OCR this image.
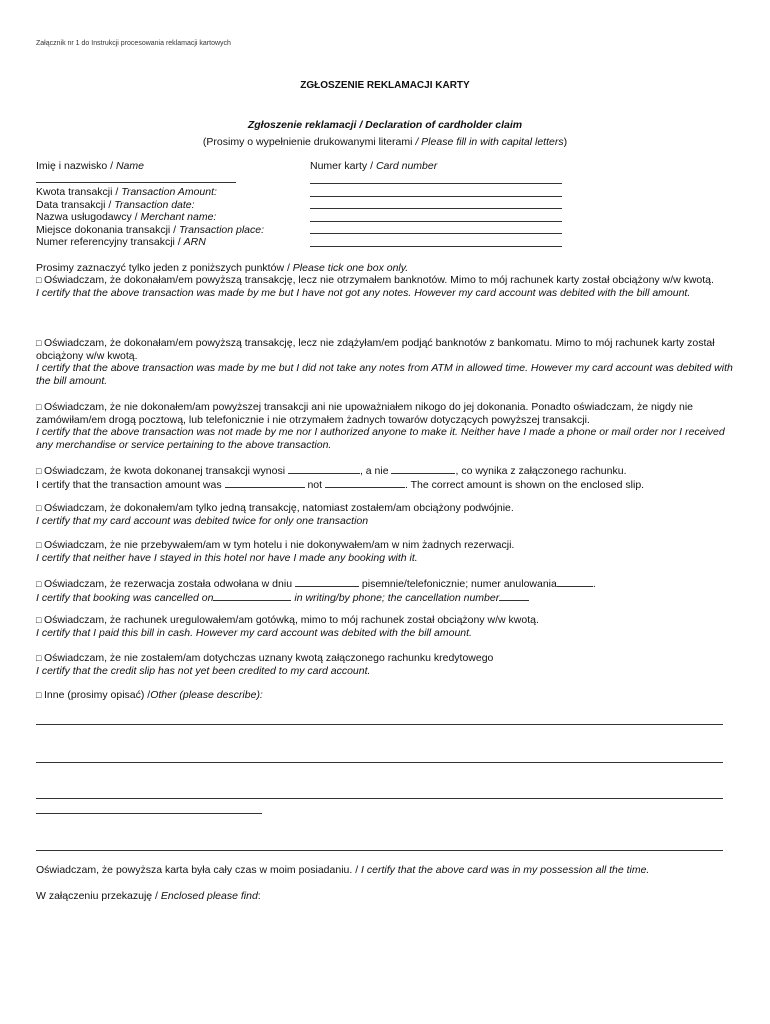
Załącznik nr 1 do Instrukcji procesowania reklamacji kartowych
ZGŁOSZENIE REKLAMACJI KARTY
Zgłoszenie reklamacji / Declaration of cardholder claim
(Prosimy o wypełnienie drukowanymi literami / Please fill in with capital letters)
Imię i nazwisko / Name
Kwota transakcji / Transaction Amount:
Data transakcji / Transaction date:
Nazwa usługodawcy / Merchant name:
Miejsce dokonania transakcji / Transaction place:
Numer referencyjny transakcji / ARN
Numer karty / Card number
Prosimy zaznaczyć tylko jeden z poniższych punktów / Please tick one box only.
□ Oświadczam, że dokonałam/em powyższą transakcję, lecz nie otrzymałem banknotów. Mimo to mój rachunek karty został obciążony w/w kwotą.
I certify that the above transaction was made by me but I have not got any notes. However my card account was debited with the bill amount.
□ Oświadczam, że dokonałam/em powyższą transakcję, lecz nie zdążyłam/em podjąć banknotów z bankomatu. Mimo to mój rachunek karty został obciążony w/w kwotą.
I certify that the above transaction was made by me but I did not take any notes from ATM in allowed time. However my card account was debited with the bill amount.
□ Oświadczam, że nie dokonałem/am powyższej transakcji ani nie upoważniałem nikogo do jej dokonania. Ponadto oświadczam, że nigdy nie zamówiłam/em drogą pocztową, lub telefonicznie i nie otrzymałem żadnych towarów dotyczących powyższej transakcji.
I certify that the above transaction was not made by me nor I authorized anyone to make it. Neither have I made a phone or mail order nor I received any merchandise or service pertaining to the above transaction.
□ Oświadczam, że kwota dokonanej transakcji wynosi	, a nie	, co wynika z załączonego rachunku.
I certify that the transaction amount was	not	. The correct amount is shown on the enclosed slip.
□ Oświadczam, że dokonałem/am tylko jedną transakcję, natomiast zostałem/am obciążony podwójnie.
I certify that my card account was debited twice for only one transaction
□ Oświadczam, że nie przebywałem/am w tym hotelu i nie dokonywałem/am w nim żadnych rezerwacji.
I certify that neither have I stayed in this hotel nor have I made any booking with it.
□ Oświadczam, że rezerwacja została odwołana w dniu	pisemnie/telefonicznie; numer anulowania	.
I certify that booking was cancelled on	in writing/by phone; the cancellation number
□ Oświadczam, że rachunek uregulowałem/am gotówką, mimo to mój rachunek został obciążony w/w kwotą.
I certify that I paid this bill in cash. However my card account was debited with the bill amount.
□ Oświadczam, że nie zostałem/am dotychczas uznany kwotą załączonego rachunku kredytowego
I certify that the credit slip has not yet been credited to my card account.
□ Inne (prosimy opisać) /Other (please describe):
Oświadczam, że powyższa karta była cały czas w moim posiadaniu. / I certify that the above card was in my possession all the time.
W załączeniu przekazuję / Enclosed please find:
